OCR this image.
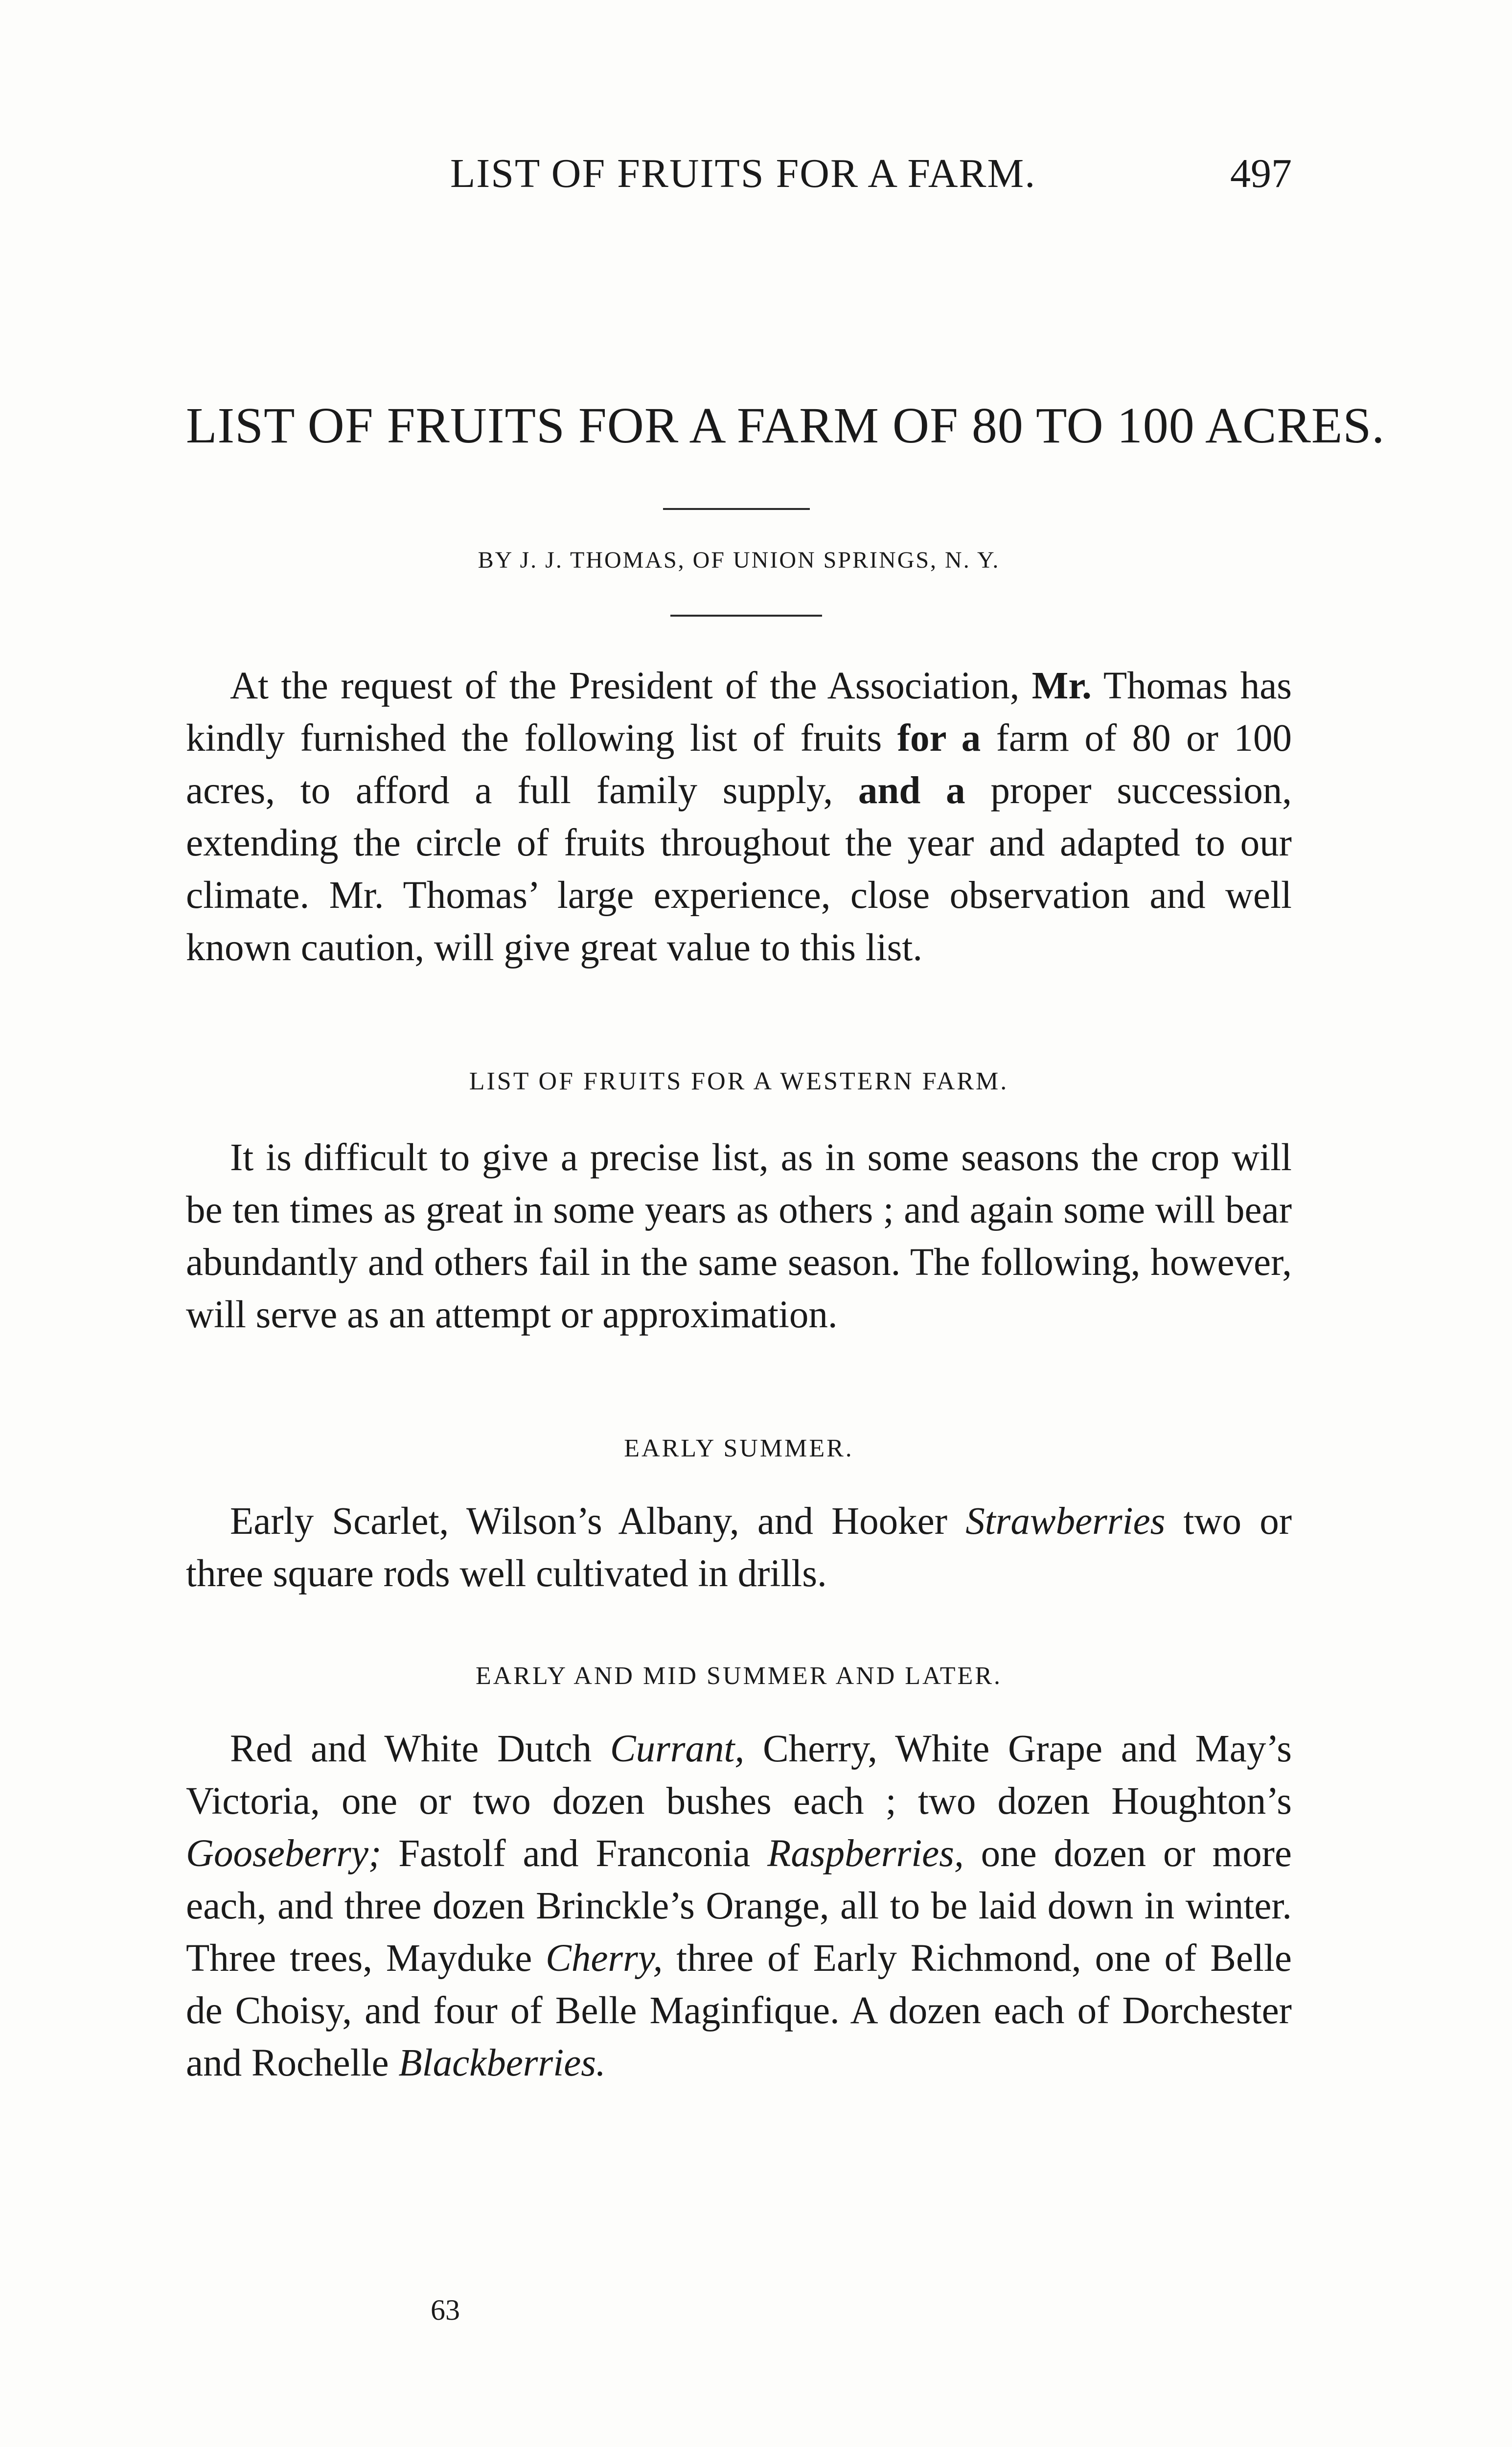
LIST OF FRUITS FOR A FARM.	497
LIST OF FRUITS FOR A FARM OF 80 TO 100 ACRES.
BY J. J. THOMAS, OF UNION SPRINGS, N. Y.

At the request of the President of the Association, Mr. Thomas has kindly furnished the following list of fruits for a farm of 80 or 100 acres, to afford a full family supply, and a proper succession, extending the circle of fruits throughout the year and adapted to our climate. Mr. Thomas’ large experience, close observation and well known caution, will give great value to this list.

LIST OF FRUITS FOR A WESTERN FARM.

It is difficult to give a precise list, as in some seasons the crop will be ten times as great in some years as others ; and again some will bear abundantly and others fail in the same season. The following, however, will serve as an attempt or approximation.

EARLY SUMMER.

Early Scarlet, Wilson’s Albany, and Hooker Strawberries two or three square rods well cultivated in drills.

EARLY AND MID SUMMER AND LATER.

Red and White Dutch Currant, Cherry, White Grape and May’s Victoria, one or two dozen bushes each ; two dozen Houghton’s Gooseberry; Fastolf and Franconia Raspberries, one dozen or more each, and three dozen Brinckle’s Orange, all to be laid down in winter. Three trees, Mayduke Cherry, three of Early Richmond, one of Belle de Choisy, and four of Belle Maginfique. A dozen each of Dorchester and Rochelle Blackberries.

63
